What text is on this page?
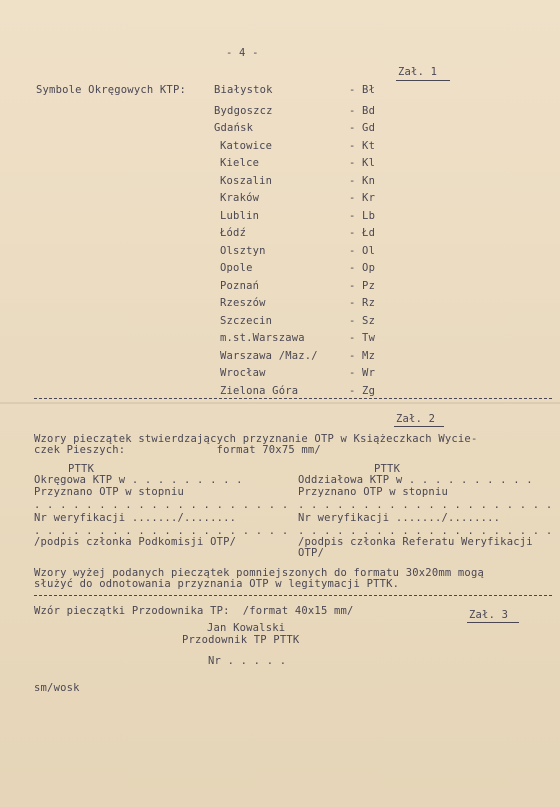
- 4 -
Zał. 1
Symbole Okręgowych KTP:	Białystok	- Bł
Bydgoszcz	- Bd
Gdańsk	- Gd
Katowice	- Kt
Kielce	- Kl
Koszalin	- Kn
Kraków	- Kr
Lublin	- Lb
Łódź	- Łd
Olsztyn	- Ol
Opole	- Op
Poznań	- Pz
Rzeszów	- Rz
Szczecin	- Sz
m.st.Warszawa	- Tw
Warszawa /Maz./	- Mz
Wrocław	- Wr
Zielona Góra	- Zg
Zał. 2
Wzory pieczątek stwierdzających przyznanie OTP w Książeczkach Wycie-
czek Pieszych:              format 70x75 mm/
PTTK
Okręgowa KTP w . . . . . . . . .
Przyznano OTP w stopniu
. . . . . . . . . . . . . . . . . . . .
Nr weryfikacji ......./........
. . . . . . . . . . . . . . . . . . . .
/podpis członka Podkomisji OTP/
PTTK
Oddziałowa KTP w . . . . . . . . . .
Przyznano OTP w stopniu
. . . . . . . . . . . . . . . . . . . .
Nr weryfikacji ......./........
. . . . . . . . . . . . . . . . . . . .
/podpis członka Referatu Weryfikacji
OTP/
Wzory wyżej podanych pieczątek pomniejszonych do formatu 30x20mm mogą
służyć do odnotowania przyznania OTP w legitymacji PTTK.
Wzór pieczątki Przodownika TP:  /format 40x15 mm/	Zał. 3
Jan Kowalski
Przodownik TP PTTK
Nr . . . . .
sm/wosk
